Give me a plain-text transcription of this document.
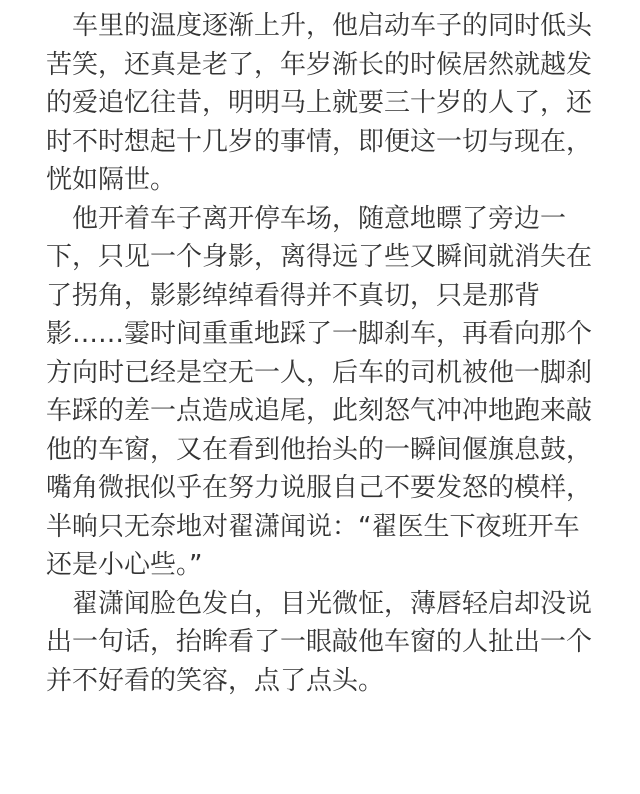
车里的温度逐渐上升，他启动车子的同时低头
苦笑，还真是老了，年岁渐长的时候居然就越发
的爱追忆往昔，明明马上就要三十岁的人了，还
时不时想起十几岁的事情，即便这一切与现在，
恍如隔世。
他开着车子离开停车场，随意地瞟了旁边一
下，只见一个身影，离得远了些又瞬间就消失在
了拐角，影影绰绰看得并不真切，只是那背
影……霎时间重重地踩了一脚刹车，再看向那个
方向时已经是空无一人，后车的司机被他一脚刹
车踩的差一点造成追尾，此刻怒气冲冲地跑来敲
他的车窗，又在看到他抬头的一瞬间偃旗息鼓，
嘴角微抿似乎在努力说服自己不要发怒的模样，
半晌只无奈地对翟潇闻说：“翟医生下夜班开车
还是小心些。”
翟潇闻脸色发白，目光微怔，薄唇轻启却没说
出一句话，抬眸看了一眼敲他车窗的人扯出一个
并不好看的笑容，点了点头。
